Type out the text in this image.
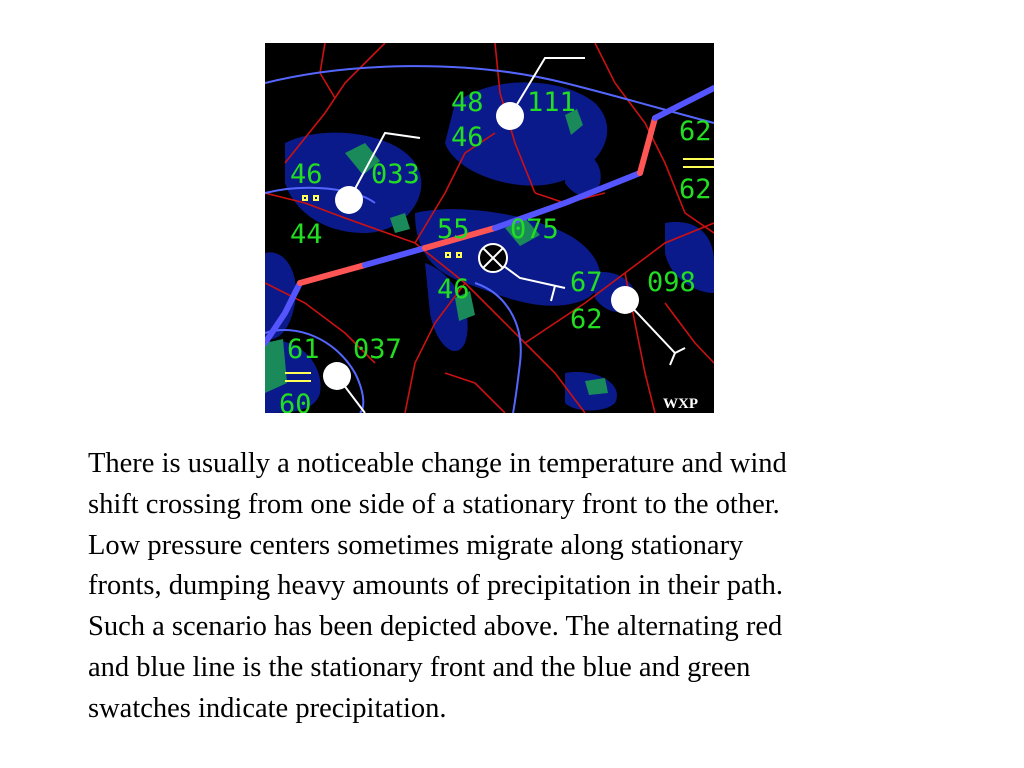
48 111
46
46 033
44	55 075
46	67 098
62
61 037
60
62
62
WXP

There is usually a noticeable change in temperature and wind
shift crossing from one side of a stationary front to the other.
Low pressure centers sometimes migrate along stationary
fronts, dumping heavy amounts of precipitation in their path.
Such a scenario has been depicted above. The alternating red
and blue line is the stationary front and the blue and green
swatches indicate precipitation.
